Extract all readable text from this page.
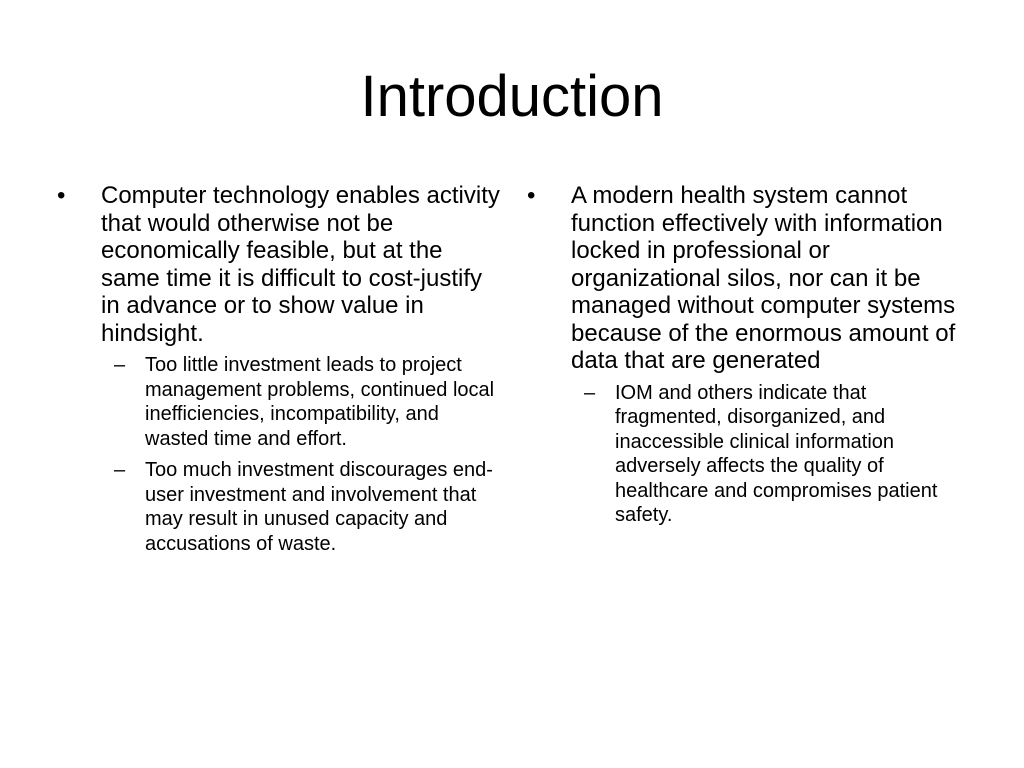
Introduction

•	Computer technology enables activity that would otherwise not be economically feasible, but at the same time it is difficult to cost-justify in advance or to show value in hindsight.

– Too little investment leads to project management problems, continued local inefficiencies, incompatibility, and wasted time and effort.

– Too much investment discourages end-user investment and involvement that may result in unused capacity and accusations of waste.

•	A modern health system cannot function effectively with information locked in professional or organizational silos, nor can it be managed without computer systems because of the enormous amount of data that are generated

– IOM and others indicate that fragmented, disorganized, and inaccessible clinical information adversely affects the quality of healthcare and compromises patient safety.
